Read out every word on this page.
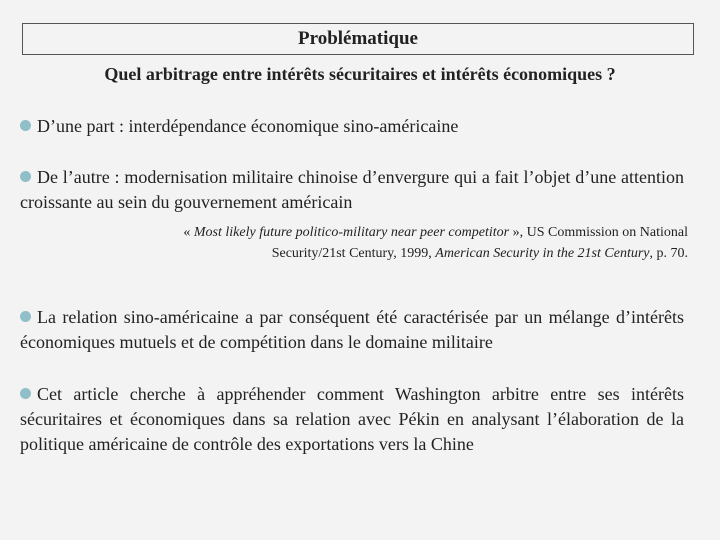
Problématique
Quel arbitrage entre intérêts sécuritaires et intérêts économiques ?
D’une part : interdépendance économique sino-américaine
De l’autre : modernisation militaire chinoise d’envergure qui a fait l’objet d’une attention croissante au sein du gouvernement américain
« Most likely future politico-military near peer competitor », US Commission on National Security/21st Century, 1999, American Security in the 21st Century, p. 70.
La relation sino-américaine a par conséquent été caractérisée par un mélange d’intérêts économiques mutuels et de compétition dans le domaine militaire
Cet article cherche à appréhender comment Washington arbitre entre ses intérêts sécuritaires et économiques dans sa relation avec Pékin en analysant l’élaboration de la politique américaine de contrôle des exportations vers la Chine
